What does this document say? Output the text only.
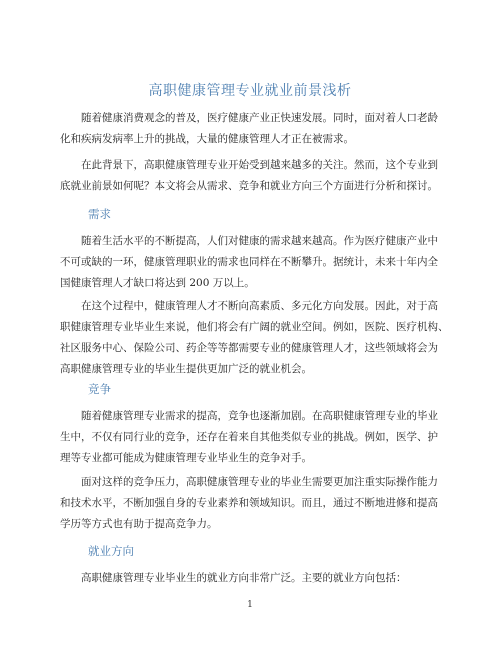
高职健康管理专业就业前景浅析

　　随着健康消费观念的普及，医疗健康产业正快速发展。同时，面对着人口老龄
化和疾病发病率上升的挑战，大量的健康管理人才正在被需求。

　　在此背景下，高职健康管理专业开始受到越来越多的关注。然而，这个专业到
底就业前景如何呢？本文将会从需求、竞争和就业方向三个方面进行分析和探讨。

需求

　　随着生活水平的不断提高，人们对健康的需求越来越高。作为医疗健康产业中
不可或缺的一环，健康管理职业的需求也同样在不断攀升。据统计，未来十年内全
国健康管理人才缺口将达到 200 万以上。

　　在这个过程中，健康管理人才不断向高素质、多元化方向发展。因此，对于高
职健康管理专业毕业生来说，他们将会有广阔的就业空间。例如，医院、医疗机构、
社区服务中心、保险公司、药企等等都需要专业的健康管理人才，这些领域将会为
高职健康管理专业的毕业生提供更加广泛的就业机会。

竞争

　　随着健康管理专业需求的提高，竞争也逐渐加剧。在高职健康管理专业的毕业
生中，不仅有同行业的竞争，还存在着来自其他类似专业的挑战。例如，医学、护
理等专业都可能成为健康管理专业毕业生的竞争对手。

　　面对这样的竞争压力，高职健康管理专业的毕业生需要更加注重实际操作能力
和技术水平，不断加强自身的专业素养和领域知识。而且，通过不断地进修和提高
学历等方式也有助于提高竞争力。

就业方向

　　高职健康管理专业毕业生的就业方向非常广泛。主要的就业方向包括：

1
